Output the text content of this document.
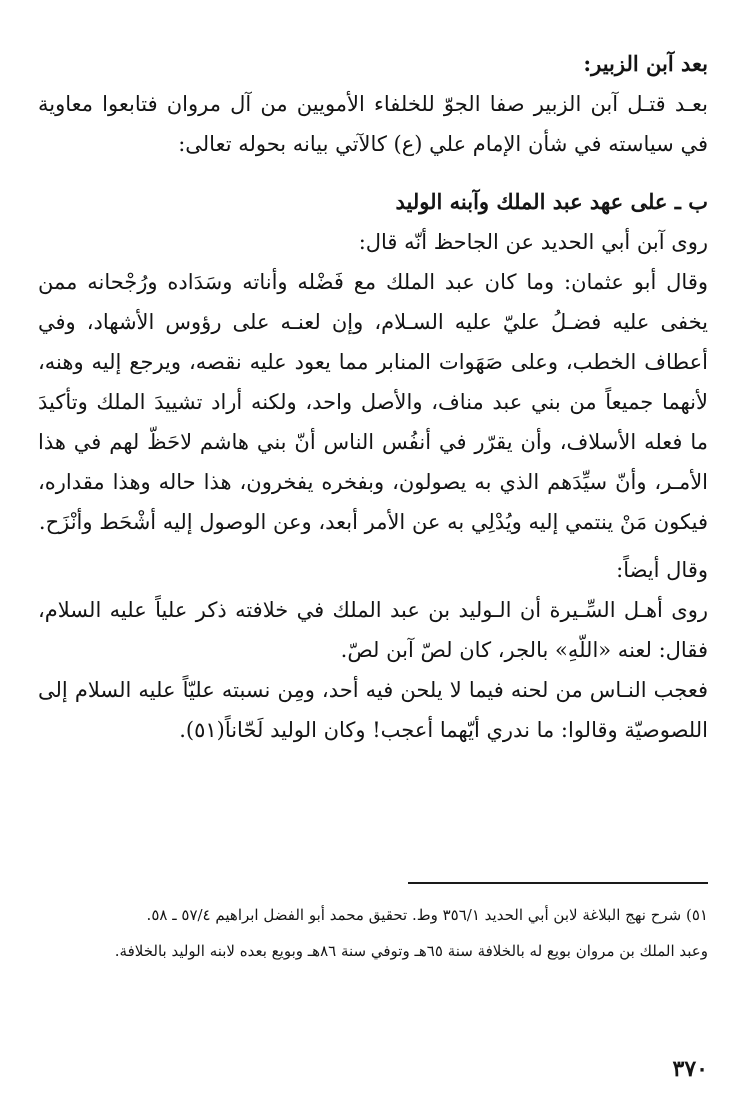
بعد آبن الزبير:

بعـد قتـل آبن الزبير صفا الجوّ للخلفاء الأمويين من آل مروان فتابعوا معاوية في سياسته في شأن الإمام علي (ع) كالآتي بيانه بحوله تعالى:

ب ـ على عهد عبد الملك وآبنه الوليد

روى آبن أبي الحديد عن الجاحظ أنّه قال:

وقال أبو عثمان: وما كان عبد الملك مع فَضْله وأناته وسَدَاده ورُجْحانه ممن يخفى عليه فضـلُ عليّ عليه السـلام، وإن لعنـه على رؤوس الأشهاد، وفي أعطاف الخطب، وعلى صَهَوات المنابر مما يعود عليه نقصه، ويرجع إليه وهنه، لأنهما جميعاً من بني عبد مناف، والأصل واحد، ولكنه أراد تشييدَ الملك وتأكيدَ ما فعله الأسلاف، وأن يقرّر في أنفُس الناس أنّ بني هاشم لاحَظّ لهم في هذا الأمـر، وأنّ سيِّدَهم الذي به يصولون، وبفخره يفخرون، هذا حاله وهذا مقداره، فيكون مَنْ ينتمي إليه ويُدْلِي به عن الأمر أبعد، وعن الوصول إليه أشْحَط وأنْزَح.

وقال أيضاً:

روى أهـل السِّـيرة أن الـوليد بن عبد الملك في خلافته ذكر علياً عليه السلام، فقال: لعنه «اللّهِ» بالجر، كان لصّ آبن لصّ.

فعجب النـاس من لحنه فيما لا يلحن فيه أحد، ومِن نسبته عليّاً عليه السلام إلى اللصوصيّة وقالوا: ما ندري أيّهما أعجب! وكان الوليد لَحّاناً(٥١).

٥١) شرح نهج البلاغة لابن أبي الحديد ٣٥٦/١ وط. تحقيق محمد أبو الفضل ابراهيم ٥٧/٤ ـ ٥٨.

وعبد الملك بن مروان بويع له بالخلافة سنة ٦٥هـ وتوفي سنة ٨٦هـ وبويع بعده لابنه الوليد بالخلافة.

٣٧٠
